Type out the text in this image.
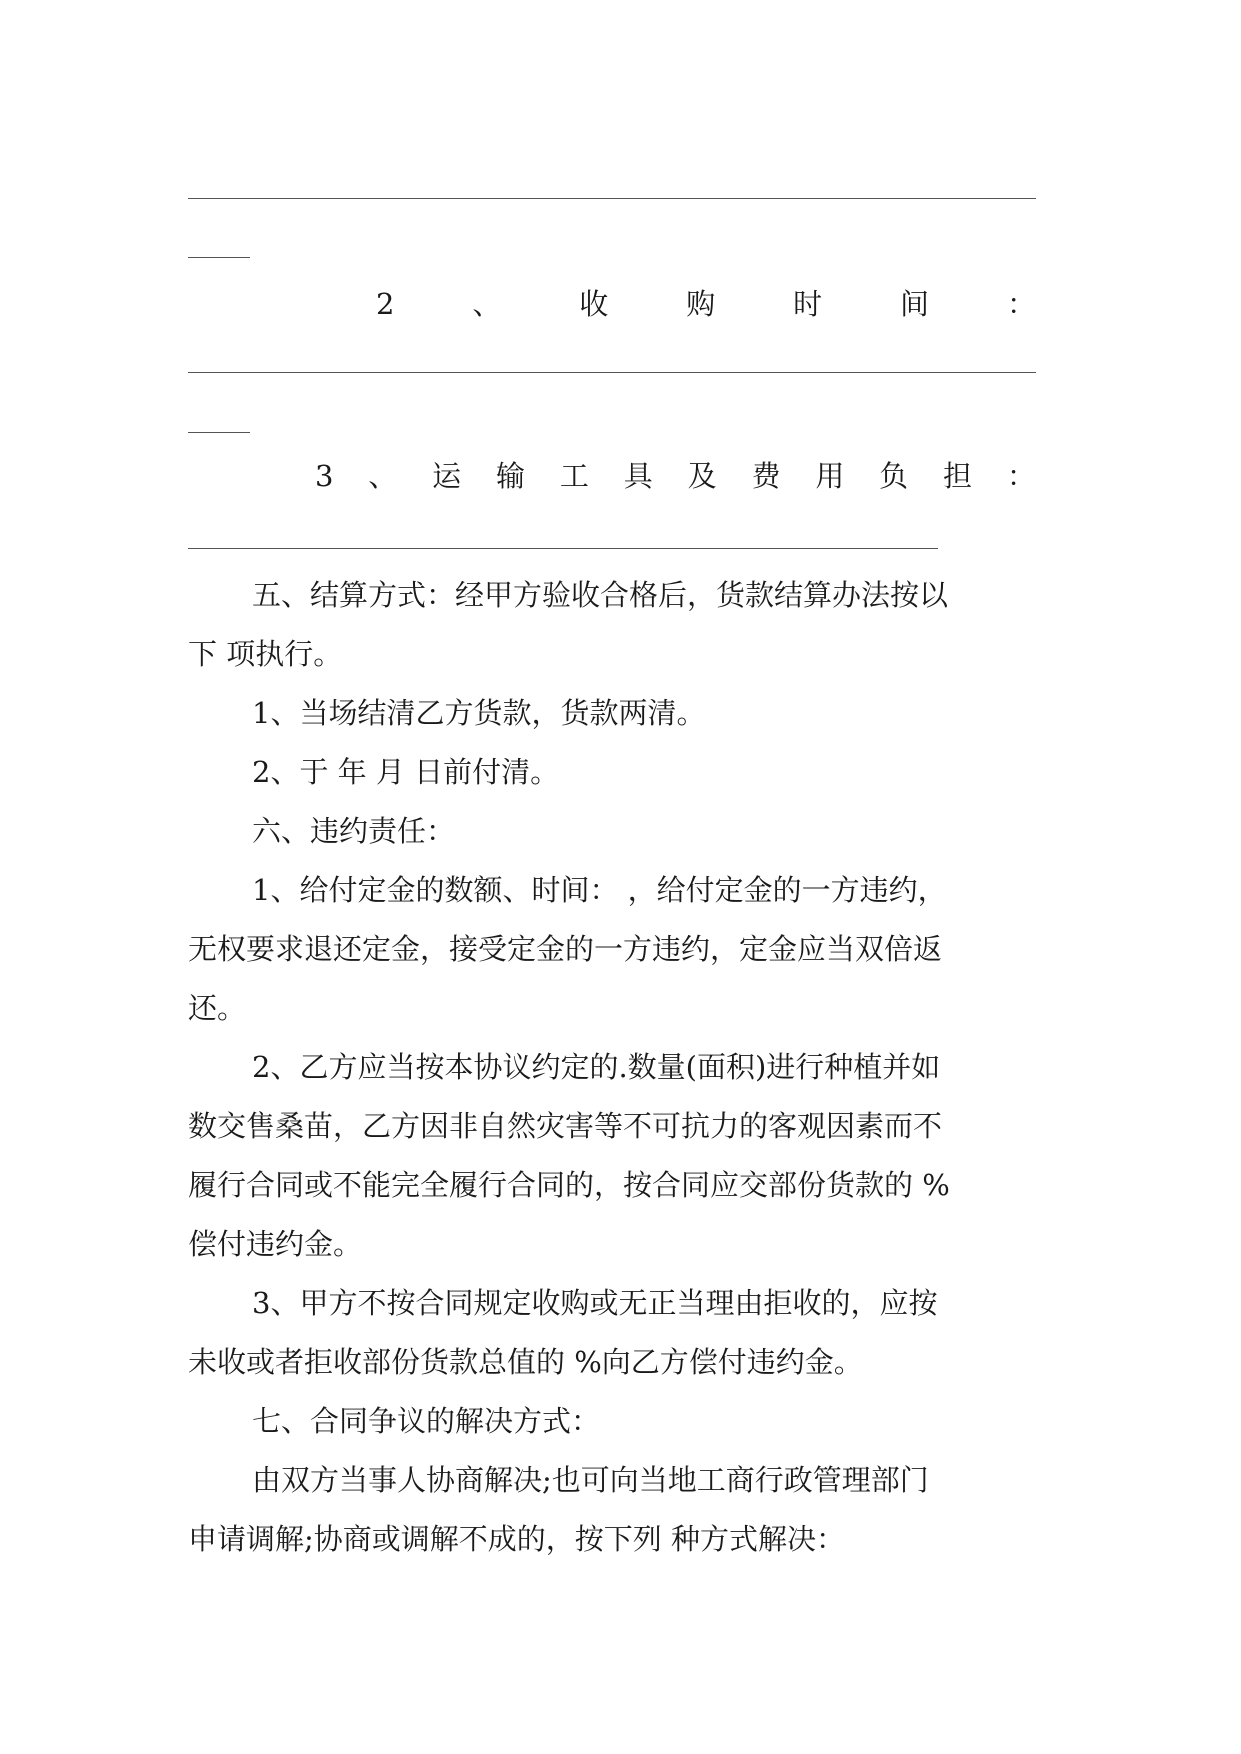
2	、	收	购	时	间	：
3 、 运 输 工 具 及 费 用 负 担 ：
五、结算方式：经甲方验收合格后，货款结算办法按以
下 项执行。
1、当场结清乙方货款，货款两清。
2、于 年 月 日前付清。
六、违约责任：
1、给付定金的数额、时间： ，给付定金的一方违约，
无权要求退还定金，接受定金的一方违约，定金应当双倍返
还。
2、乙方应当按本协议约定的.数量(面积)进行种植并如
数交售桑苗，乙方因非自然灾害等不可抗力的客观因素而不
履行合同或不能完全履行合同的，按合同应交部份货款的 %
偿付违约金。
3、甲方不按合同规定收购或无正当理由拒收的，应按
未收或者拒收部份货款总值的 %向乙方偿付违约金。
七、合同争议的解决方式：
由双方当事人协商解决;也可向当地工商行政管理部门
申请调解;协商或调解不成的，按下列 种方式解决：
